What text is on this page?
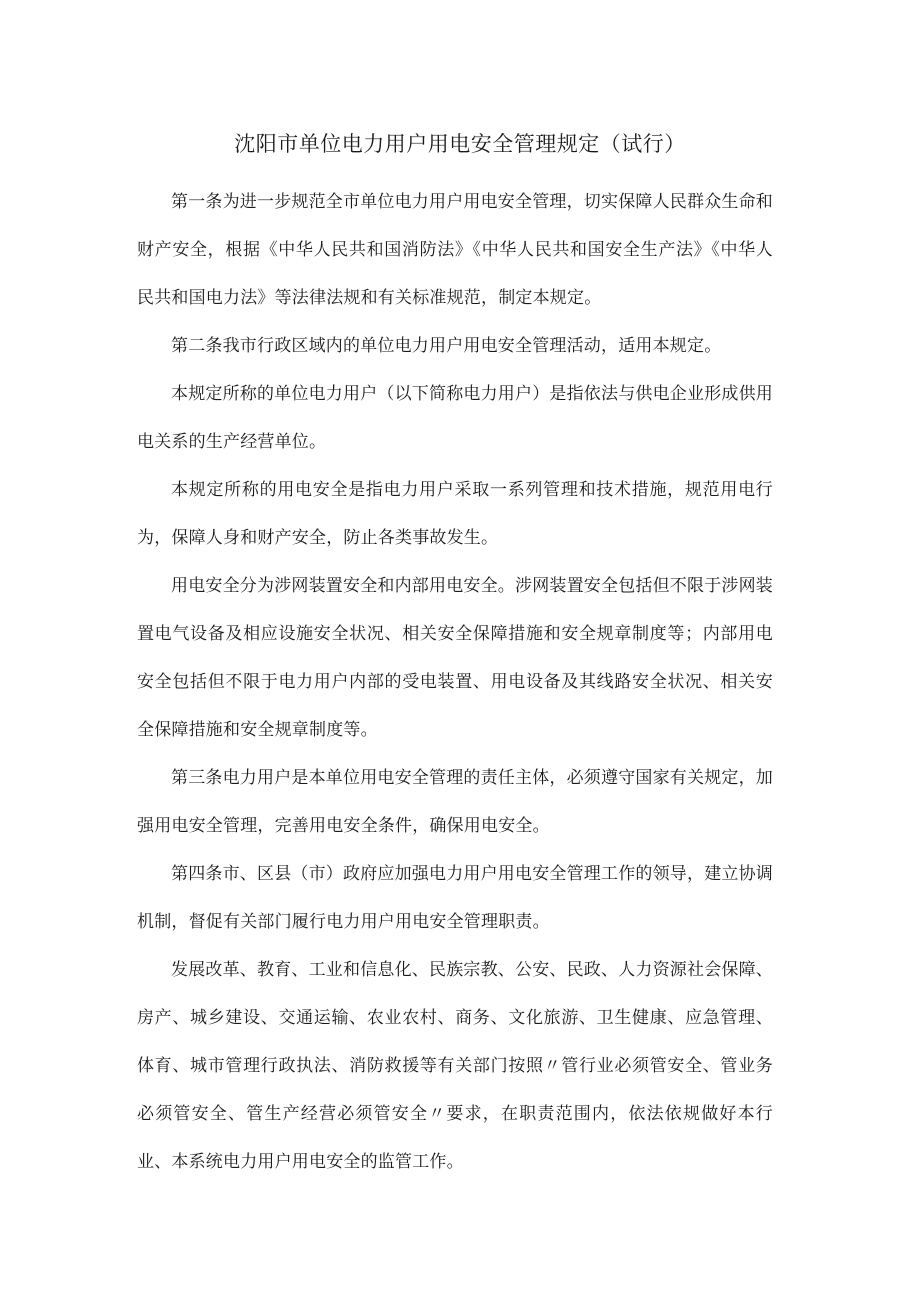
沈阳市单位电力用户用电安全管理规定（试行）

第一条为进一步规范全市单位电力用户用电安全管理，切实保障人民群众生命和财产安全，根据《中华人民共和国消防法》《中华人民共和国安全生产法》《中华人民共和国电力法》等法律法规和有关标准规范，制定本规定。

第二条我市行政区域内的单位电力用户用电安全管理活动，适用本规定。

本规定所称的单位电力用户（以下简称电力用户）是指依法与供电企业形成供用电关系的生产经营单位。

本规定所称的用电安全是指电力用户采取一系列管理和技术措施，规范用电行为，保障人身和财产安全，防止各类事故发生。

用电安全分为涉网装置安全和内部用电安全。涉网装置安全包括但不限于涉网装置电气设备及相应设施安全状况、相关安全保障措施和安全规章制度等；内部用电安全包括但不限于电力用户内部的受电装置、用电设备及其线路安全状况、相关安全保障措施和安全规章制度等。

第三条电力用户是本单位用电安全管理的责任主体，必须遵守国家有关规定，加强用电安全管理，完善用电安全条件，确保用电安全。

第四条市、区县（市）政府应加强电力用户用电安全管理工作的领导，建立协调机制，督促有关部门履行电力用户用电安全管理职责。

发展改革、教育、工业和信息化、民族宗教、公安、民政、人力资源社会保障、房产、城乡建设、交通运输、农业农村、商务、文化旅游、卫生健康、应急管理、体育、城市管理行政执法、消防救援等有关部门按照〃管行业必须管安全、管业务必须管安全、管生产经营必须管安全〃要求，在职责范围内，依法依规做好本行业、本系统电力用户用电安全的监管工作。
